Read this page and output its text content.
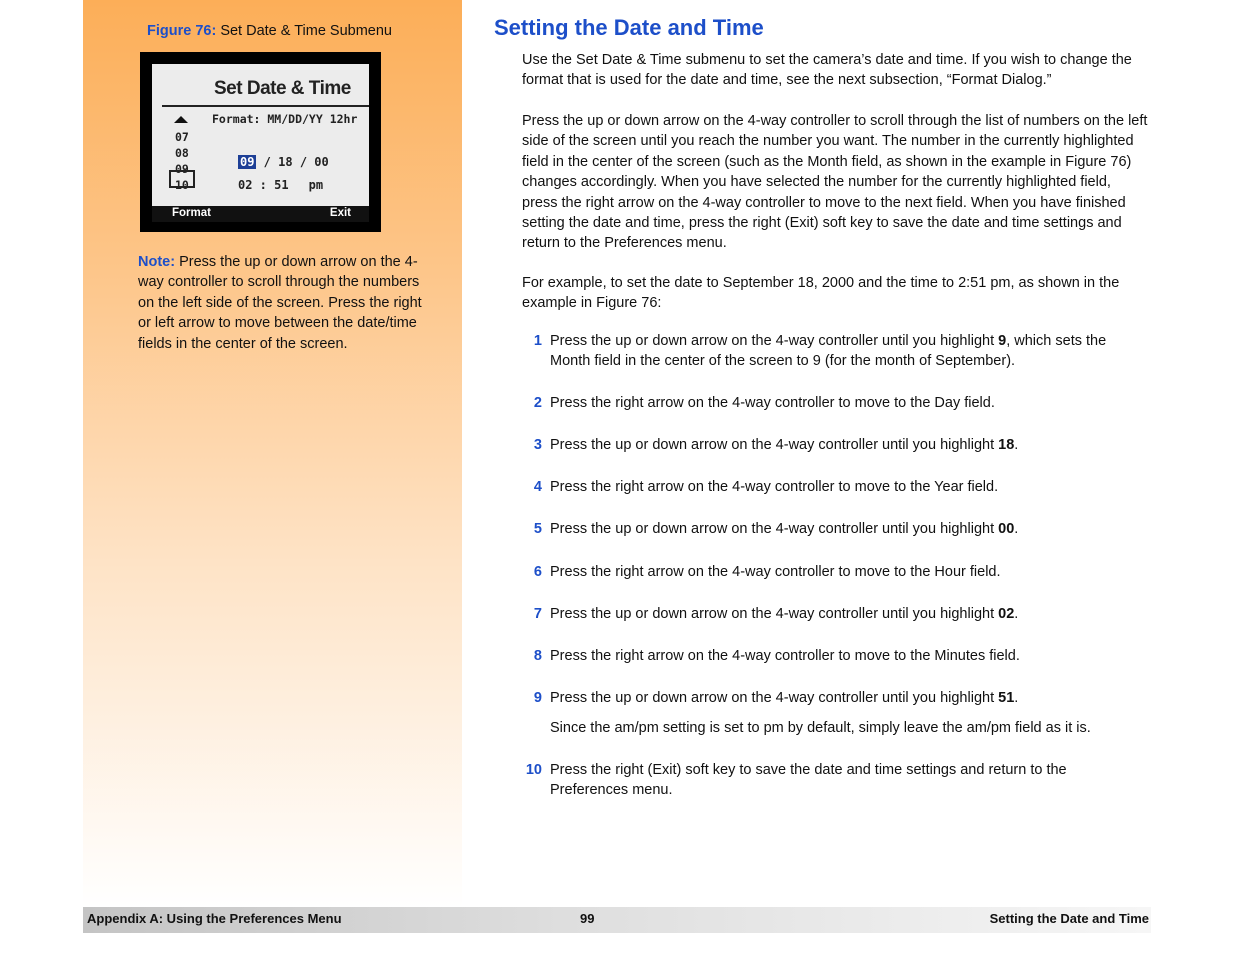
Figure 76: Set Date & Time Submenu
Set Date & Time
Format: MM/DD/YY 12hr
07
08
09
10
09 / 18 / 00
02 : 51 pm
Format	Exit
Note: Press the up or down arrow on the 4-way controller to scroll through the numbers on the left side of the screen. Press the right or left arrow to move between the date/time fields in the center of the screen.
Setting the Date and Time

Use the Set Date & Time submenu to set the camera’s date and time. If you wish to change the format that is used for the date and time, see the next subsection, “Format Dialog.”

Press the up or down arrow on the 4-way controller to scroll through the list of numbers on the left side of the screen until you reach the number you want. The number in the currently highlighted field in the center of the screen (such as the Month field, as shown in the example in Figure 76) changes accordingly. When you have selected the number for the currently highlighted field, press the right arrow on the 4-way controller to move to the next field. When you have finished setting the date and time, press the right (Exit) soft key to save the date and time settings and return to the Preferences menu.

For example, to set the date to September 18, 2000 and the time to 2:51 pm, as shown in the example in Figure 76:

1 Press the up or down arrow on the 4-way controller until you highlight 9, which sets the Month field in the center of the screen to 9 (for the month of September).
2 Press the right arrow on the 4-way controller to move to the Day field.
3 Press the up or down arrow on the 4-way controller until you highlight 18.
4 Press the right arrow on the 4-way controller to move to the Year field.
5 Press the up or down arrow on the 4-way controller until you highlight 00.
6 Press the right arrow on the 4-way controller to move to the Hour field.
7 Press the up or down arrow on the 4-way controller until you highlight 02.
8 Press the right arrow on the 4-way controller to move to the Minutes field.
9 Press the up or down arrow on the 4-way controller until you highlight 51.
Since the am/pm setting is set to pm by default, simply leave the am/pm field as it is.
10 Press the right (Exit) soft key to save the date and time settings and return to the Preferences menu.
Appendix A: Using the Preferences Menu	99	Setting the Date and Time
